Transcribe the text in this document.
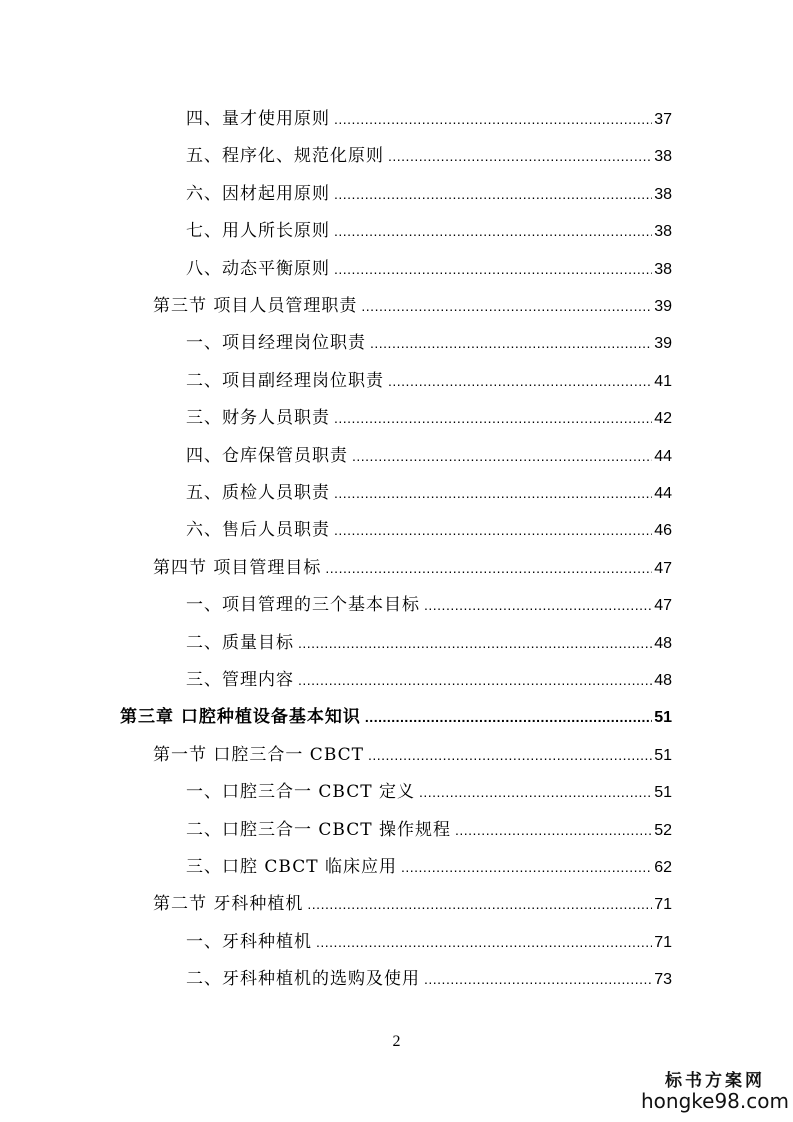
四、量才使用原则 .....	37
五、程序化、规范化原则 .....	38
六、因材起用原则 .....	38
七、用人所长原则 .....	38
八、动态平衡原则 .....	38
第三节 项目人员管理职责 .....	39
一、项目经理岗位职责 .....	39
二、项目副经理岗位职责 .....	41
三、财务人员职责 .....	42
四、仓库保管员职责 .....	44
五、质检人员职责 .....	44
六、售后人员职责 .....	46
第四节 项目管理目标 .....	47
一、项目管理的三个基本目标 .....	47
二、质量目标 .....	48
三、管理内容 .....	48
第三章 口腔种植设备基本知识 .....	51
第一节 口腔三合一 CBCT .....	51
一、口腔三合一 CBCT 定义 .....	51
二、口腔三合一 CBCT 操作规程 .....	52
三、口腔 CBCT 临床应用 .....	62
第二节 牙科种植机 .....	71
一、牙科种植机 .....	71
二、牙科种植机的选购及使用 .....	73
2
标书方案网
hongke98.com
